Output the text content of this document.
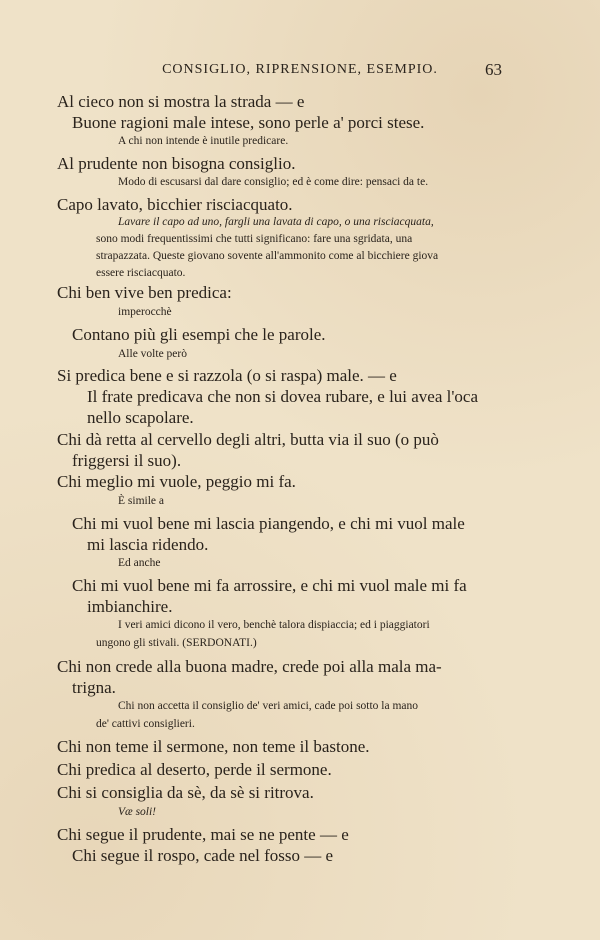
CONSIGLIO, RIPRENSIONE, ESEMPIO.	63
Al cieco non si mostra la strada — e
Buone ragioni male intese, sono perle a' porci stese.
A chi non intende è inutile predicare.
Al prudente non bisogna consiglio.
Modo di escusarsi dal dare consiglio; ed è come dire: pensaci da te.
Capo lavato, bicchier risciacquato.
Lavare il capo ad uno, fargli una lavata di capo, o una risciacquata,
sono modi frequentissimi che tutti significano: fare una sgridata, una
strapazzata. Queste giovano sovente all'ammonito come al bicchiere giova
essere risciacquato.
Chi ben vive ben predica:
imperocchè
Contano più gli esempi che le parole.
Alle volte però
Si predica bene e si razzola (o si raspa) male. — e
Il frate predicava che non si dovea rubare, e lui avea l'oca
nello scapolare.
Chi dà retta al cervello degli altri, butta via il suo (o può
friggersi il suo).
Chi meglio mi vuole, peggio mi fa.
È simile a
Chi mi vuol bene mi lascia piangendo, e chi mi vuol male
mi lascia ridendo.
Ed anche
Chi mi vuol bene mi fa arrossire, e chi mi vuol male mi fa
imbianchire.
I veri amici dicono il vero, benchè talora dispiaccia; ed i piaggiatori
ungono gli stivali. (SERDONATI.)
Chi non crede alla buona madre, crede poi alla mala ma-
trigna.
Chi non accetta il consiglio de' veri amici, cade poi sotto la mano
de' cattivi consiglieri.
Chi non teme il sermone, non teme il bastone.
Chi predica al deserto, perde il sermone.
Chi si consiglia da sè, da sè si ritrova.
Væ soli!
Chi segue il prudente, mai se ne pente — e
Chi segue il rospo, cade nel fosso — e
